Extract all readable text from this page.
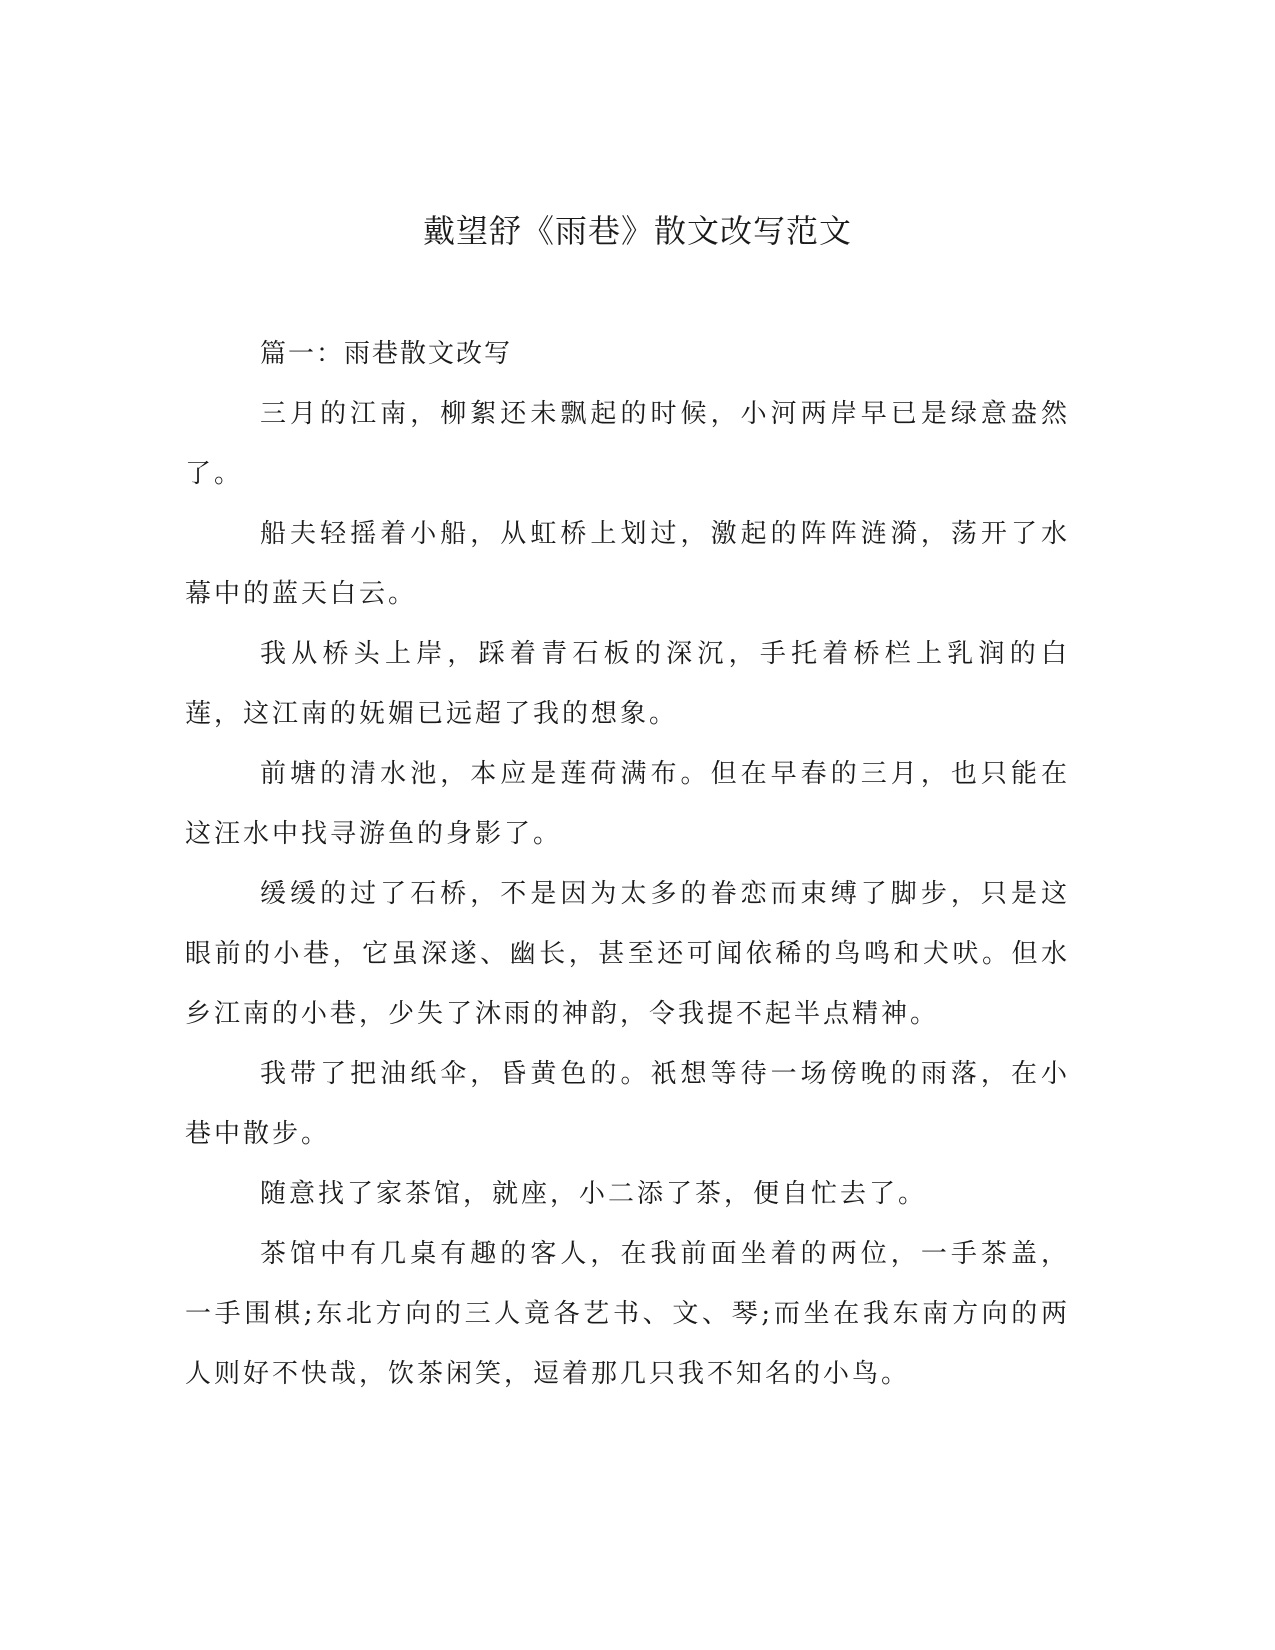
戴望舒《雨巷》散文改写范文

篇一：雨巷散文改写

三月的江南，柳絮还未飘起的时候，小河两岸早已是绿意盎然了。

船夫轻摇着小船，从虹桥上划过，激起的阵阵涟漪，荡开了水幕中的蓝天白云。

我从桥头上岸，踩着青石板的深沉，手托着桥栏上乳润的白莲，这江南的妩媚已远超了我的想象。

前塘的清水池，本应是莲荷满布。但在早春的三月，也只能在这汪水中找寻游鱼的身影了。

缓缓的过了石桥，不是因为太多的眷恋而束缚了脚步，只是这眼前的小巷，它虽深遂、幽长，甚至还可闻依稀的鸟鸣和犬吠。但水乡江南的小巷，少失了沐雨的神韵，令我提不起半点精神。

我带了把油纸伞，昏黄色的。祇想等待一场傍晚的雨落，在小巷中散步。

随意找了家茶馆，就座，小二添了茶，便自忙去了。

茶馆中有几桌有趣的客人，在我前面坐着的两位，一手茶盖，一手围棋;东北方向的三人竟各艺书、文、琴;而坐在我东南方向的两人则好不快哉，饮茶闲笑，逗着那几只我不知名的小鸟。
